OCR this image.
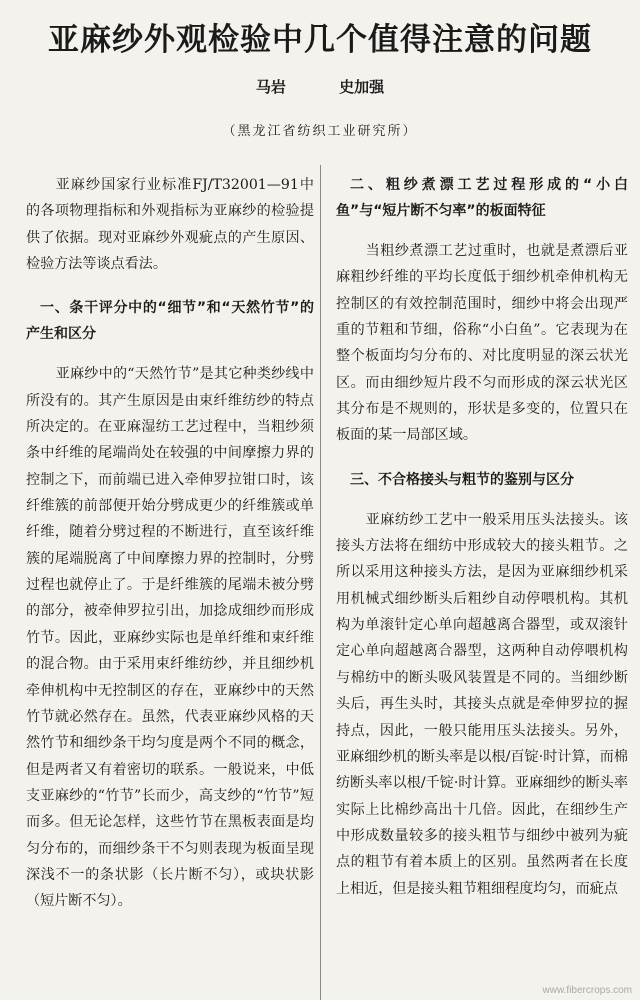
亚麻纱外观检验中几个值得注意的问题
马岩	史加强
（黑龙江省纺织工业研究所）

亚麻纱国家行业标准FJ/T32001—91中的各项物理指标和外观指标为亚麻纱的检验提供了依据。现对亚麻纱外观疵点的产生原因、检验方法等谈点看法。

一、条干评分中的“细节”和“天然竹节”的产生和区分

亚麻纱中的“天然竹节”是其它种类纱线中所没有的。其产生原因是由束纤维纺纱的特点所决定的。在亚麻湿纺工艺过程中，当粗纱须条中纤维的尾端尚处在较强的中间摩擦力界的控制之下，而前端已进入牵伸罗拉钳口时，该纤维簇的前部便开始分劈成更少的纤维簇或单纤维，随着分劈过程的不断进行，直至该纤维簇的尾端脱离了中间摩擦力界的控制时，分劈过程也就停止了。于是纤维簇的尾端未被分劈的部分，被牵伸罗拉引出，加捻成细纱而形成竹节。因此，亚麻纱实际也是单纤维和束纤维的混合物。由于采用束纤维纺纱，并且细纱机牵伸机构中无控制区的存在，亚麻纱中的天然竹节就必然存在。虽然，代表亚麻纱风格的天然竹节和细纱条干均匀度是两个不同的概念，但是两者又有着密切的联系。一般说来，中低支亚麻纱的“竹节”长而少，高支纱的“竹节”短而多。但无论怎样，这些竹节在黑板表面是均匀分布的，而细纱条干不匀则表现为板面呈现深浅不一的条状影（长片断不匀），或块状影（短片断不匀）。

二、粗纱煮漂工艺过程形成的“小白鱼”与“短片断不匀率”的板面特征

当粗纱煮漂工艺过重时，也就是煮漂后亚麻粗纱纤维的平均长度低于细纱机牵伸机构无控制区的有效控制范围时，细纱中将会出现严重的节粗和节细，俗称“小白鱼”。它表现为在整个板面均匀分布的、对比度明显的深云状光区。而由细纱短片段不匀而形成的深云状光区其分布是不规则的，形状是多变的，位置只在板面的某一局部区域。

三、不合格接头与粗节的鉴别与区分

亚麻纺纱工艺中一般采用压头法接头。该接头方法将在细纺中形成较大的接头粗节。之所以采用这种接头方法，是因为亚麻细纱机采用机械式细纱断头后粗纱自动停喂机构。其机构为单滚针定心单向超越离合器型，或双滚针定心单向超越离合器型，这两种自动停喂机构与棉纺中的断头吸风装置是不同的。当细纱断头后，再生头时，其接头点就是牵伸罗拉的握持点，因此，一般只能用压头法接头。另外，亚麻细纱机的断头率是以根/百锭·时计算，而棉纺断头率以根/千锭·时计算。亚麻细纱的断头率实际上比棉纱高出十几倍。因此，在细纱生产中形成数量较多的接头粗节与细纱中被列为疵点的粗节有着本质上的区别。虽然两者在长度上相近，但是接头粗节粗细程度均匀，而疵点

www.fibercrops.com
